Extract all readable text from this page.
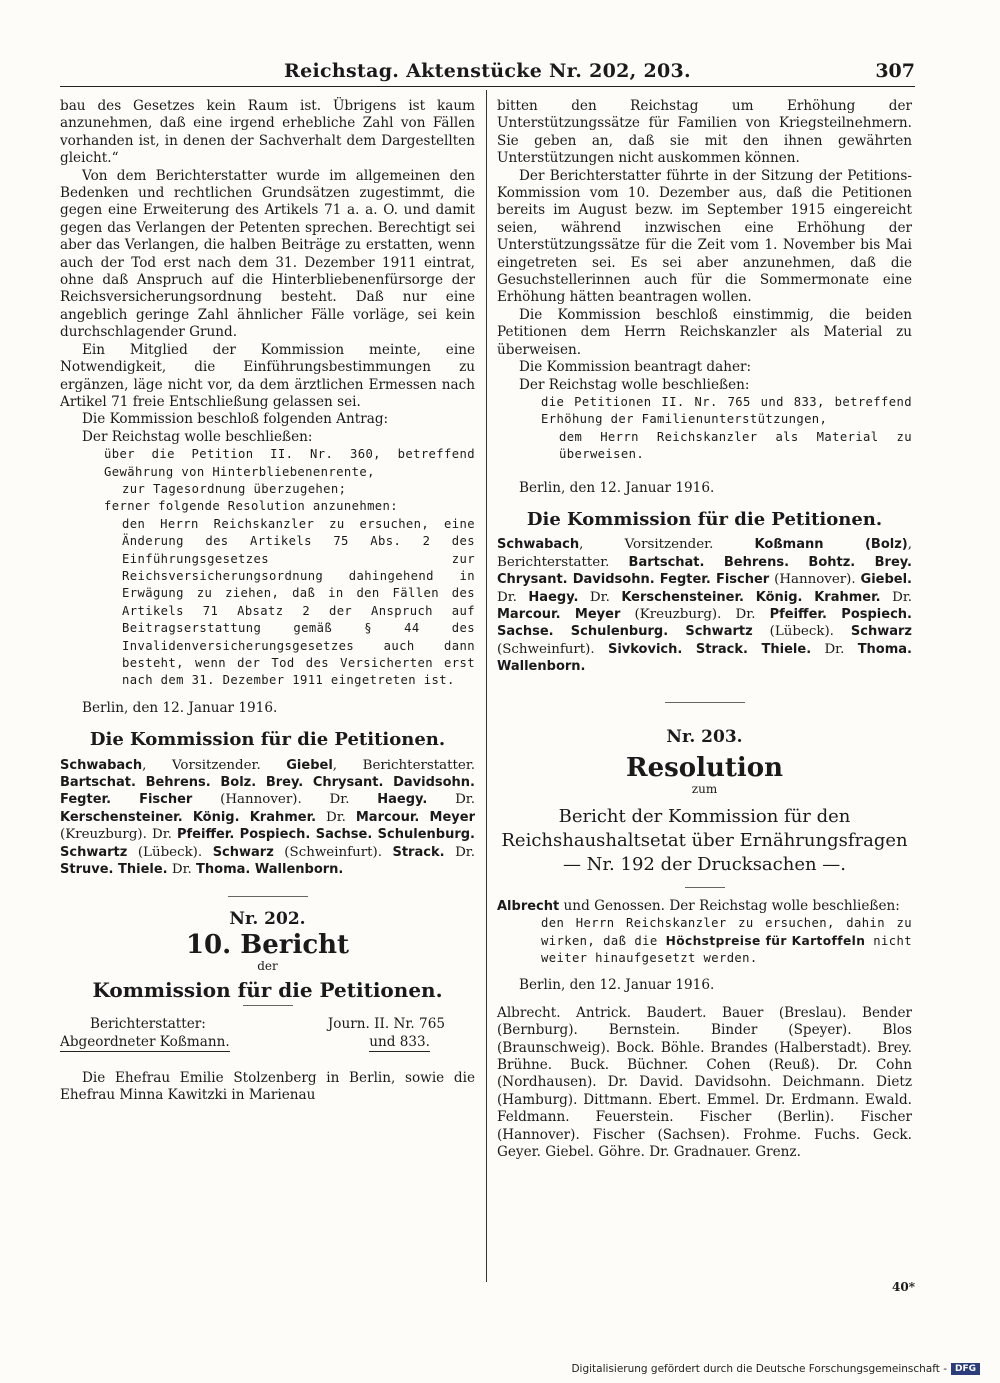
Reichstag. Aktenstücke Nr. 202, 203.	307

bau des Gesetzes kein Raum ist. Übrigens ist kaum anzunehmen, daß eine irgend erhebliche Zahl von Fällen vorhanden ist, in denen der Sachverhalt dem Dargestellten gleicht.“

Von dem Berichterstatter wurde im allgemeinen den Bedenken und rechtlichen Grundsätzen zugestimmt, die gegen eine Erweiterung des Artikels 71 a. a. O. und damit gegen das Verlangen der Petenten sprechen. Berechtigt sei aber das Verlangen, die halben Beiträge zu erstatten, wenn auch der Tod erst nach dem 31. Dezember 1911 eintrat, ohne daß Anspruch auf die Hinterbliebenenfürsorge der Reichsversicherungsordnung besteht. Daß nur eine angeblich geringe Zahl ähnlicher Fälle vorläge, sei kein durchschlagender Grund.

Ein Mitglied der Kommission meinte, eine Notwendigkeit, die Einführungsbestimmungen zu ergänzen, läge nicht vor, da dem ärztlichen Ermessen nach Artikel 71 freie Entschließung gelassen sei.

Die Kommission beschloß folgenden Antrag:

Der Reichstag wolle beschließen:

über die Petition II. Nr. 360, betreffend Gewährung von Hinterbliebenenrente,

zur Tagesordnung überzugehen;

ferner folgende Resolution anzunehmen:

den Herrn Reichskanzler zu ersuchen, eine Änderung des Artikels 75 Abs. 2 des Einführungsgesetzes zur Reichsversicherungsordnung dahingehend in Erwägung zu ziehen, daß in den Fällen des Artikels 71 Absatz 2 der Anspruch auf Beitragserstattung gemäß § 44 des Invalidenversicherungsgesetzes auch dann besteht, wenn der Tod des Versicherten erst nach dem 31. Dezember 1911 eingetreten ist.

Berlin, den 12. Januar 1916.

Die Kommission für die Petitionen.
Schwabach, Vorsitzender. Giebel, Berichterstatter. Bartschat. Behrens. Bolz. Brey. Chrysant. Davidsohn. Fegter. Fischer (Hannover). Dr. Haegy. Dr. Kerschensteiner. König. Krahmer. Dr. Marcour. Meyer (Kreuzburg). Dr. Pfeiffer. Pospiech. Sachse. Schulenburg. Schwartz (Lübeck). Schwarz (Schweinfurt). Strack. Dr. Struve. Thiele. Dr. Thoma. Wallenborn.
Nr. 202.
10. Bericht
der
Kommission für die Petitionen.
Berichterstatter:	Journ. II. Nr. 765
Abgeordneter Koßmann.	und 833.

Die Ehefrau Emilie Stolzenberg in Berlin, sowie die Ehefrau Minna Kawitzki in Marienau

bitten den Reichstag um Erhöhung der Unterstützungssätze für Familien von Kriegsteilnehmern. Sie geben an, daß sie mit den ihnen gewährten Unterstützungen nicht auskommen können.

Der Berichterstatter führte in der Sitzung der Petitions-Kommission vom 10. Dezember aus, daß die Petitionen bereits im August bezw. im September 1915 eingereicht seien, während inzwischen eine Erhöhung der Unterstützungssätze für die Zeit vom 1. November bis Mai eingetreten sei. Es sei aber anzunehmen, daß die Gesuchstellerinnen auch für die Sommermonate eine Erhöhung hätten beantragen wollen.

Die Kommission beschloß einstimmig, die beiden Petitionen dem Herrn Reichskanzler als Material zu überweisen.

Die Kommission beantragt daher:

Der Reichstag wolle beschließen:

die Petitionen II. Nr. 765 und 833, betreffend Erhöhung der Familienunterstützungen,

dem Herrn Reichskanzler als Material zu überweisen.

Berlin, den 12. Januar 1916.

Die Kommission für die Petitionen.
Schwabach, Vorsitzender. Koßmann (Bolz), Berichterstatter. Bartschat. Behrens. Bohtz. Brey. Chrysant. Davidsohn. Fegter. Fischer (Hannover). Giebel. Dr. Haegy. Dr. Kerschensteiner. König. Krahmer. Dr. Marcour. Meyer (Kreuzburg). Dr. Pfeiffer. Pospiech. Sachse. Schulenburg. Schwartz (Lübeck). Schwarz (Schweinfurt). Sivkovich. Strack. Thiele. Dr. Thoma. Wallenborn.
Nr. 203.
Resolution
zum
Bericht der Kommission für den Reichshaushaltsetat über Ernährungsfragen — Nr. 192 der Drucksachen —.

Albrecht und Genossen. Der Reichstag wolle beschließen:

den Herrn Reichskanzler zu ersuchen, dahin zu wirken, daß die Höchstpreise für Kartoffeln nicht weiter hinaufgesetzt werden.

Berlin, den 12. Januar 1916.

Albrecht. Antrick. Baudert. Bauer (Breslau). Bender (Bernburg). Bernstein. Binder (Speyer). Blos (Braunschweig). Bock. Böhle. Brandes (Halberstadt). Brey. Brühne. Buck. Büchner. Cohen (Reuß). Dr. Cohn (Nordhausen). Dr. David. Davidsohn. Deichmann. Dietz (Hamburg). Dittmann. Ebert. Emmel. Dr. Erdmann. Ewald. Feldmann. Feuerstein. Fischer (Berlin). Fischer (Hannover). Fischer (Sachsen). Frohme. Fuchs. Geck. Geyer. Giebel. Göhre. Dr. Gradnauer. Grenz.

40*
Digitalisierung gefördert durch die Deutsche Forschungsgemeinschaft - DFG
